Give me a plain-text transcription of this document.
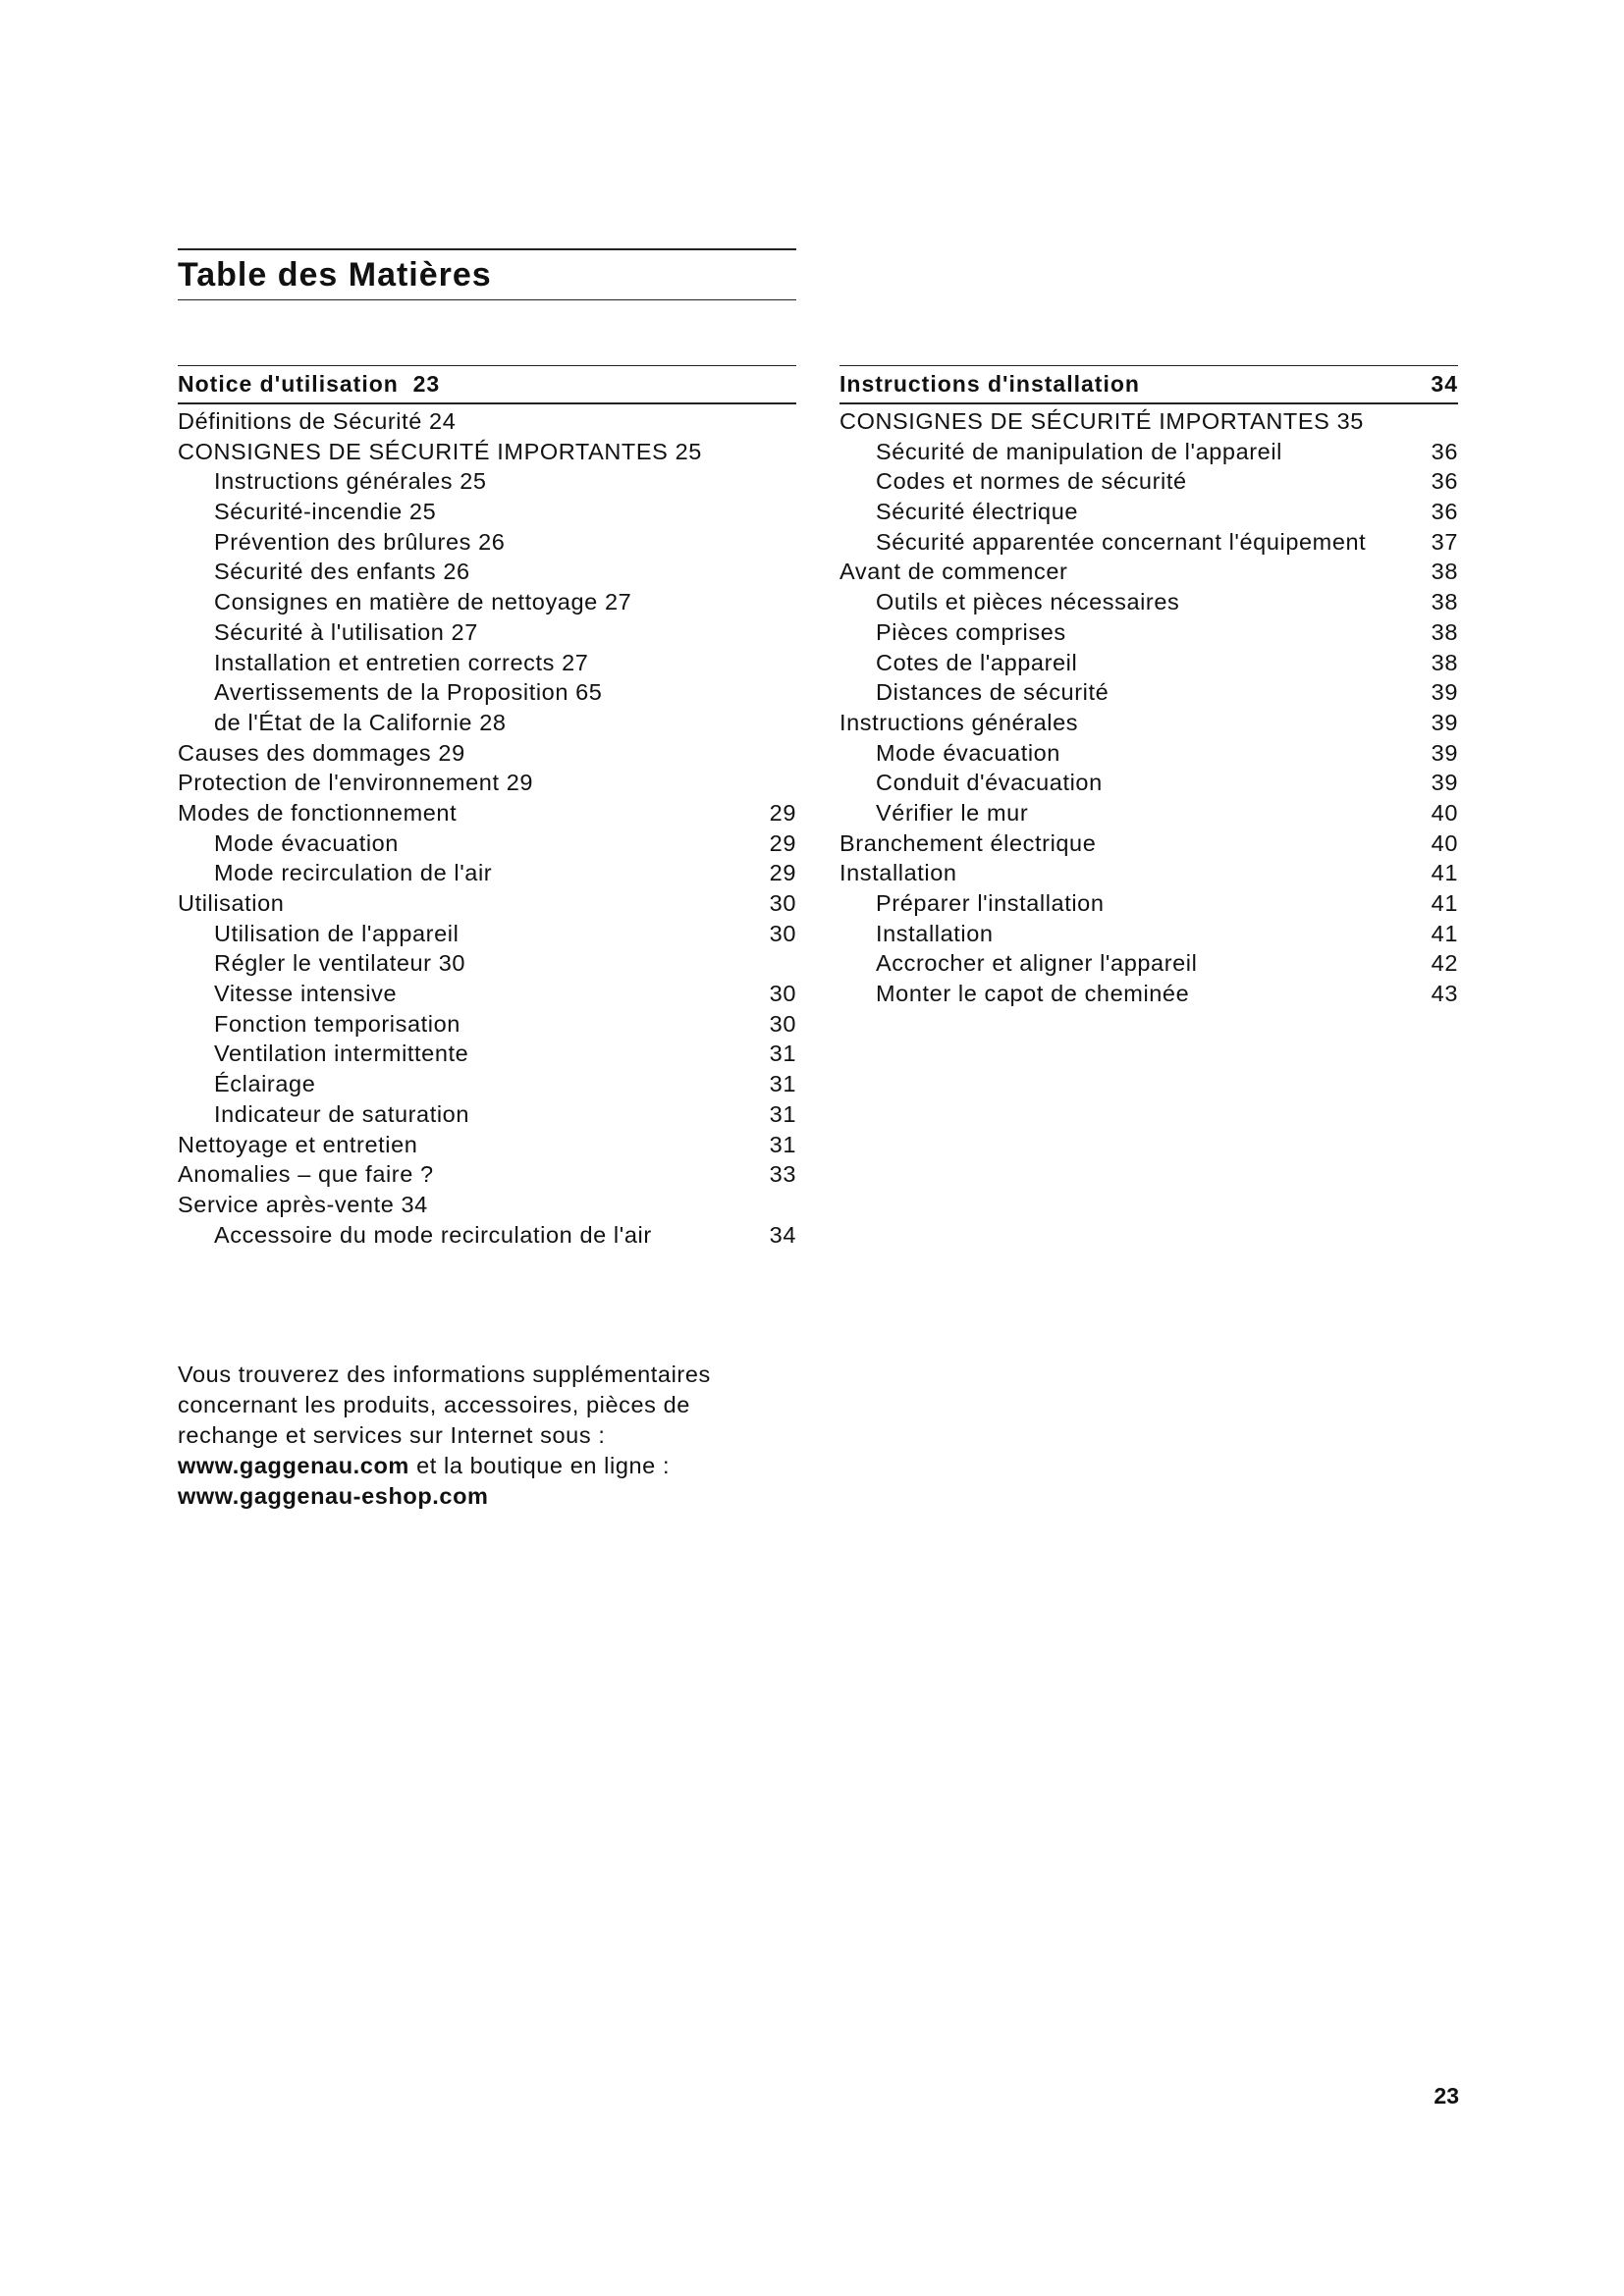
Table des Matières
Notice d'utilisation 23
Définitions de Sécurité 24
CONSIGNES DE SÉCURITÉ IMPORTANTES 25
Instructions générales 25
Sécurité-incendie 25
Prévention des brûlures 26
Sécurité des enfants 26
Consignes en matière de nettoyage 27
Sécurité à l'utilisation 27
Installation et entretien corrects 27
Avertissements de la Proposition 65
de l'État de la Californie 28
Causes des dommages 29
Protection de l'environnement 29
Modes de fonctionnement	29
Mode évacuation	29
Mode recirculation de l'air	29
Utilisation	30
Utilisation de l'appareil	30
Régler le ventilateur 30
Vitesse intensive	30
Fonction temporisation	30
Ventilation intermittente	31
Éclairage	31
Indicateur de saturation	31
Nettoyage et entretien	31
Anomalies – que faire ?	33
Service après-vente 34
Accessoire du mode recirculation de l'air	34
Instructions d'installation	34
CONSIGNES DE SÉCURITÉ IMPORTANTES 35
Sécurité de manipulation de l'appareil	36
Codes et normes de sécurité	36
Sécurité électrique	36
Sécurité apparentée concernant l'équipement	37
Avant de commencer	38
Outils et pièces nécessaires	38
Pièces comprises	38
Cotes de l'appareil	38
Distances de sécurité	39
Instructions générales	39
Mode évacuation	39
Conduit d'évacuation	39
Vérifier le mur	40
Branchement électrique	40
Installation	41
Préparer l'installation	41
Installation	41
Accrocher et aligner l'appareil	42
Monter le capot de cheminée	43
Vous trouverez des informations supplémentaires
concernant les produits, accessoires, pièces de
rechange et services sur Internet sous :
www.gaggenau.com et la boutique en ligne :
www.gaggenau-eshop.com
23
